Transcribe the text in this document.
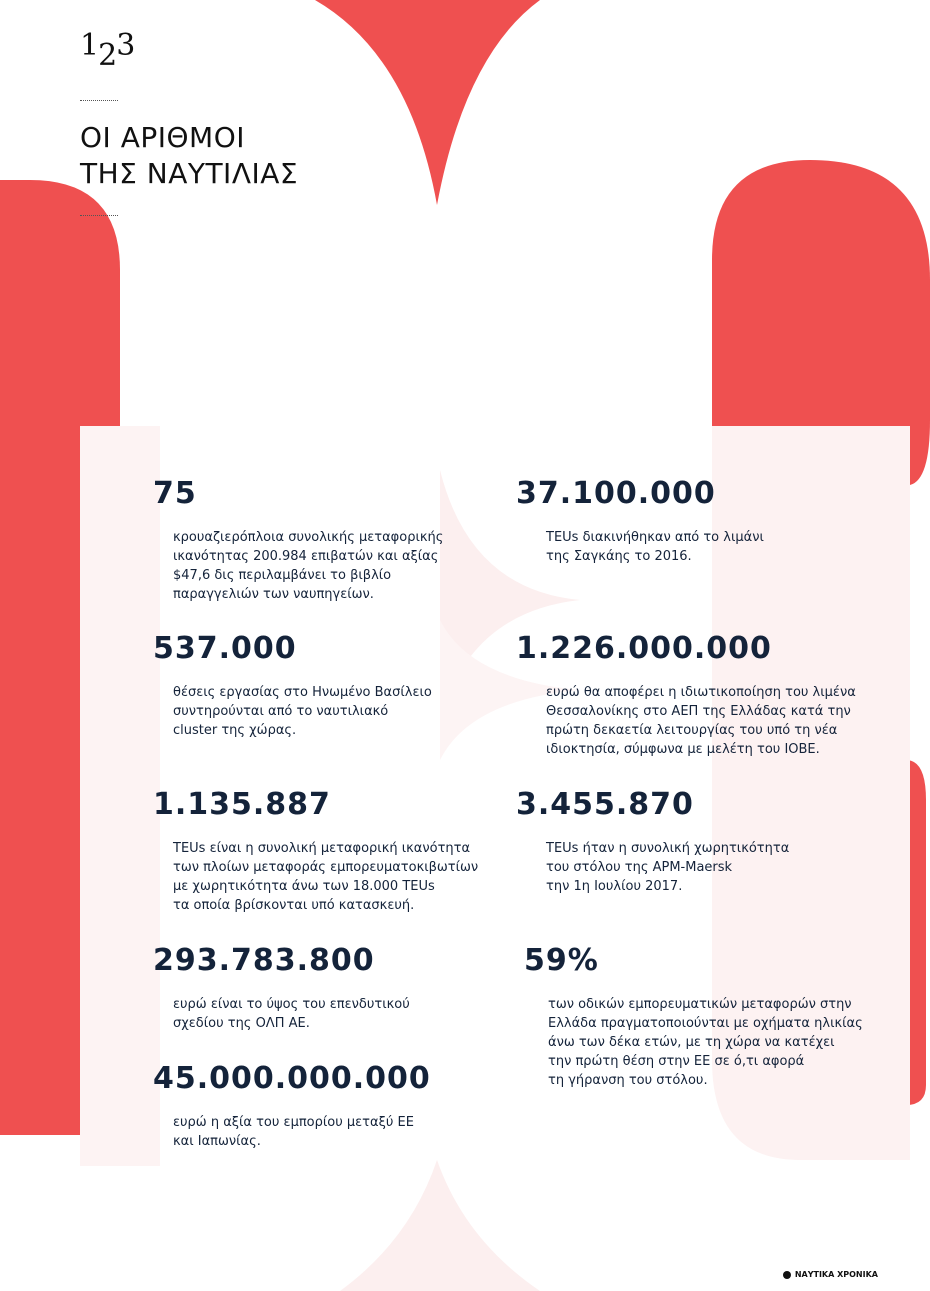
123
ΟΙ ΑΡΙΘΜΟΙ
ΤΗΣ ΝΑΥΤΙΛΙΑΣ
75
κρουαζιερόπλοια συνολικής μεταφορικής
ικανότητας 200.984 επιβατών και αξίας
$47,6 δις περιλαμβάνει το βιβλίο
παραγγελιών των ναυπηγείων.
537.000
θέσεις εργασίας στο Ηνωμένο Βασίλειο
συντηρούνται από το ναυτιλιακό
cluster της χώρας.
1.135.887
TEUs είναι η συνολική μεταφορική ικανότητα
των πλοίων μεταφοράς εμπορευματοκιβωτίων
με χωρητικότητα άνω των 18.000 TEUs
τα οποία βρίσκονται υπό κατασκευή.
293.783.800
ευρώ είναι το ύψος του επενδυτικού
σχεδίου της ΟΛΠ ΑΕ.
45.000.000.000
ευρώ η αξία του εμπορίου μεταξύ ΕΕ
και Ιαπωνίας.
37.100.000
TEUs διακινήθηκαν από το λιμάνι
της Σαγκάης το 2016.
1.226.000.000
ευρώ θα αποφέρει η ιδιωτικοποίηση του λιμένα
Θεσσαλονίκης στο ΑΕΠ της Ελλάδας κατά την
πρώτη δεκαετία λειτουργίας του υπό τη νέα
ιδιοκτησία, σύμφωνα με μελέτη του ΙΟΒΕ.
3.455.870
TEUs ήταν η συνολική χωρητικότητα
του στόλου της APM-Maersk
την 1η Ιουλίου 2017.
59%
των οδικών εμπορευματικών μεταφορών στην
Ελλάδα πραγματοποιούνται με οχήματα ηλικίας
άνω των δέκα ετών, με τη χώρα να κατέχει
την πρώτη θέση στην ΕΕ σε ό,τι αφορά
τη γήρανση του στόλου.
ΝΑΥΤΙΚΑ ΧΡΟΝΙΚΑ
